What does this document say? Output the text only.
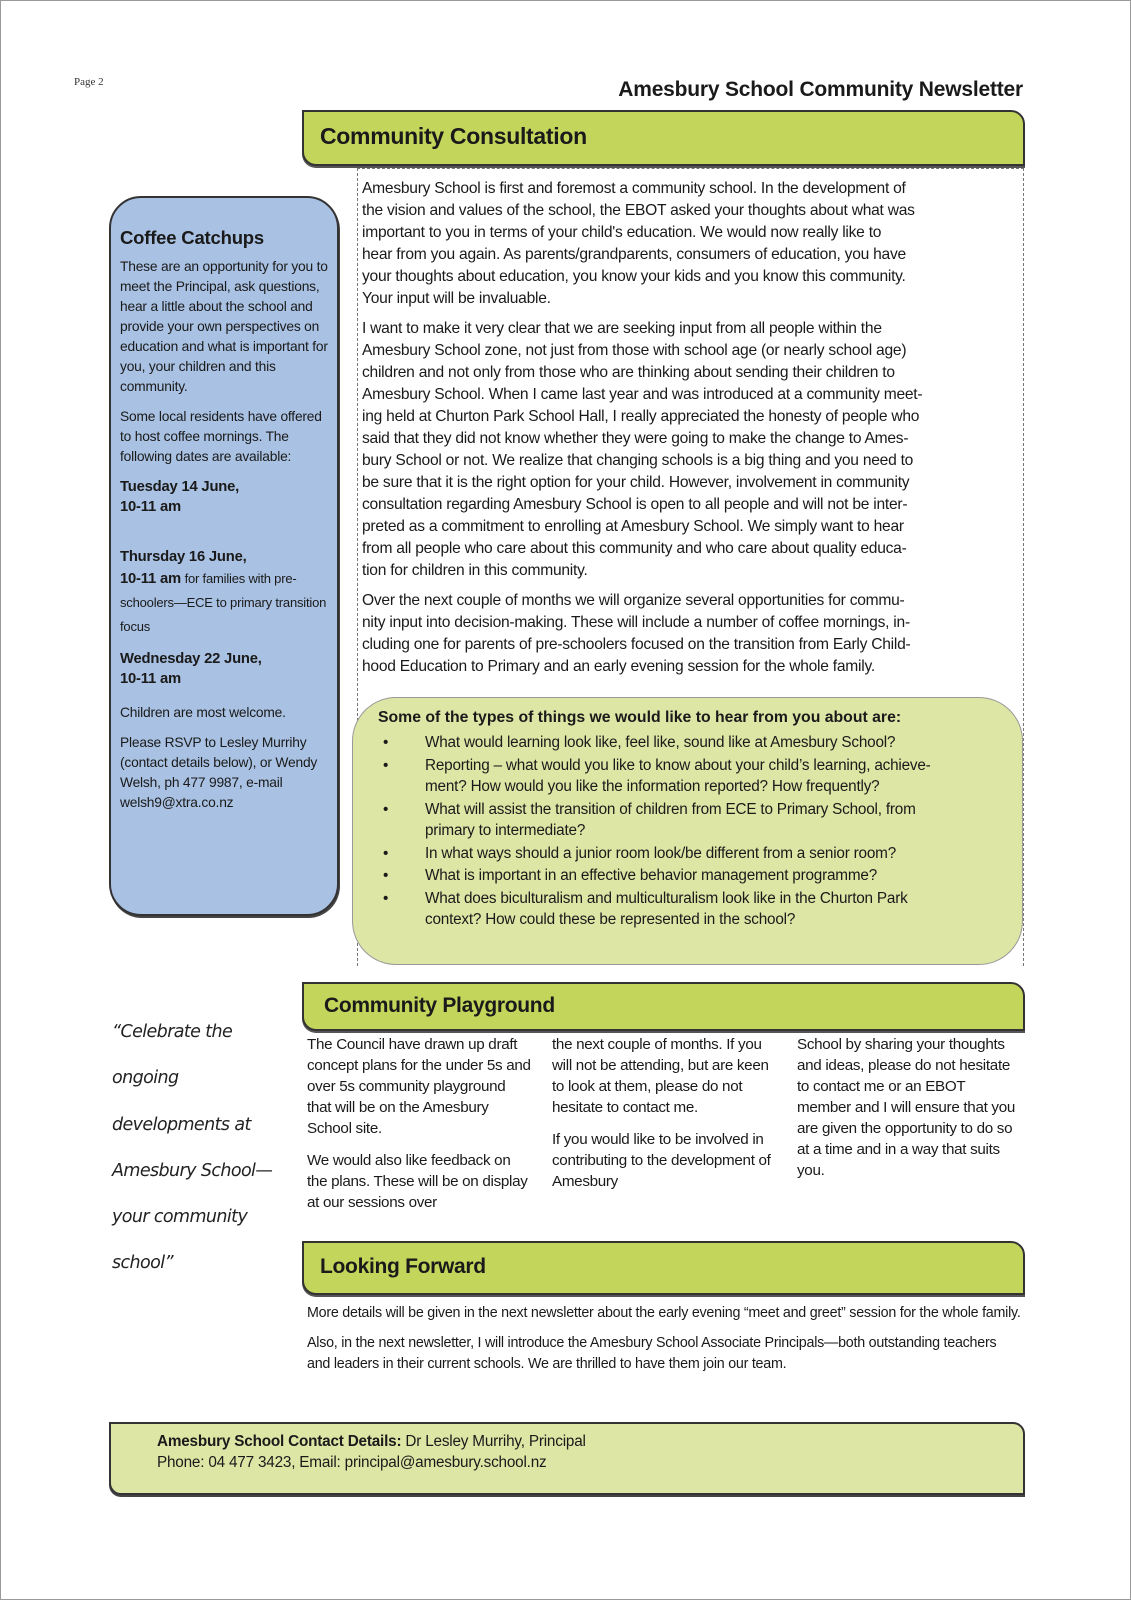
Page 2	Amesbury School Community Newsletter
Community Consultation
Amesbury School is first and foremost a community school. In the development of
the vision and values of the school, the EBOT asked your thoughts about what was
important to you in terms of your child's education. We would now really like to
hear from you again. As parents/grandparents, consumers of education, you have
your thoughts about education, you know your kids and you know this community.
Your input will be invaluable.
I want to make it very clear that we are seeking input from all people within the
Amesbury School zone, not just from those with school age (or nearly school age)
children and not only from those who are thinking about sending their children to
Amesbury School. When I came last year and was introduced at a community meet-
ing held at Churton Park School Hall, I really appreciated the honesty of people who
said that they did not know whether they were going to make the change to Ames-
bury School or not. We realize that changing schools is a big thing and you need to
be sure that it is the right option for your child. However, involvement in community
consultation regarding Amesbury School is open to all people and will not be inter-
preted as a commitment to enrolling at Amesbury School. We simply want to hear
from all people who care about this community and who care about quality educa-
tion for children in this community.
Over the next couple of months we will organize several opportunities for commu-
nity input into decision-making. These will include a number of coffee mornings, in-
cluding one for parents of pre-schoolers focused on the transition from Early Child-
hood Education to Primary and an early evening session for the whole family.
Coffee Catchups

These are an opportunity for you to meet the Principal, ask questions, hear a little about the school and provide your own perspectives on education and what is important for you, your children and this community.

Some local residents have offered to host coffee mornings. The following dates are available:

Tuesday 14 June,
10-11 am

Thursday 16 June,
10-11 am for families with pre-schoolers—ECE to primary transition focus

Wednesday 22 June,
10-11 am

Children are most welcome.

Please RSVP to Lesley Murrihy (contact details below), or Wendy Welsh, ph 477 9987, e-mail welsh9@xtra.co.nz

Some of the types of things we would like to hear from you about are:
• What would learning look like, feel like, sound like at Amesbury School?
• Reporting – what would you like to know about your child’s learning, achieve-
ment? How would you like the information reported? How frequently?
• What will assist the transition of children from ECE to Primary School, from
primary to intermediate?
• In what ways should a junior room look/be different from a senior room?
• What is important in an effective behavior management programme?
• What does biculturalism and multiculturalism look like in the Churton Park
context? How could these be represented in the school?
Community Playground
“Celebrate the
ongoing
developments at
Amesbury School—
your community
school”

The Council have drawn up draft concept plans for the under 5s and over 5s community playground that will be on the Amesbury School site.

We would also like feedback on the plans. These will be on display at our sessions over

the next couple of months. If you will not be attending, but are keen to look at them, please do not hesitate to contact me.

If you would like to be involved in contributing to the development of Amesbury

School by sharing your thoughts and ideas, please do not hesitate to contact me or an EBOT member and I will ensure that you are given the opportunity to do so at a time and in a way that suits you.

Looking Forward

More details will be given in the next newsletter about the early evening “meet and greet” session for the whole family.

Also, in the next newsletter, I will introduce the Amesbury School Associate Principals—both outstanding teachers and leaders in their current schools. We are thrilled to have them join our team.

Amesbury School Contact Details: Dr Lesley Murrihy, Principal
Phone: 04 477 3423, Email: principal@amesbury.school.nz
